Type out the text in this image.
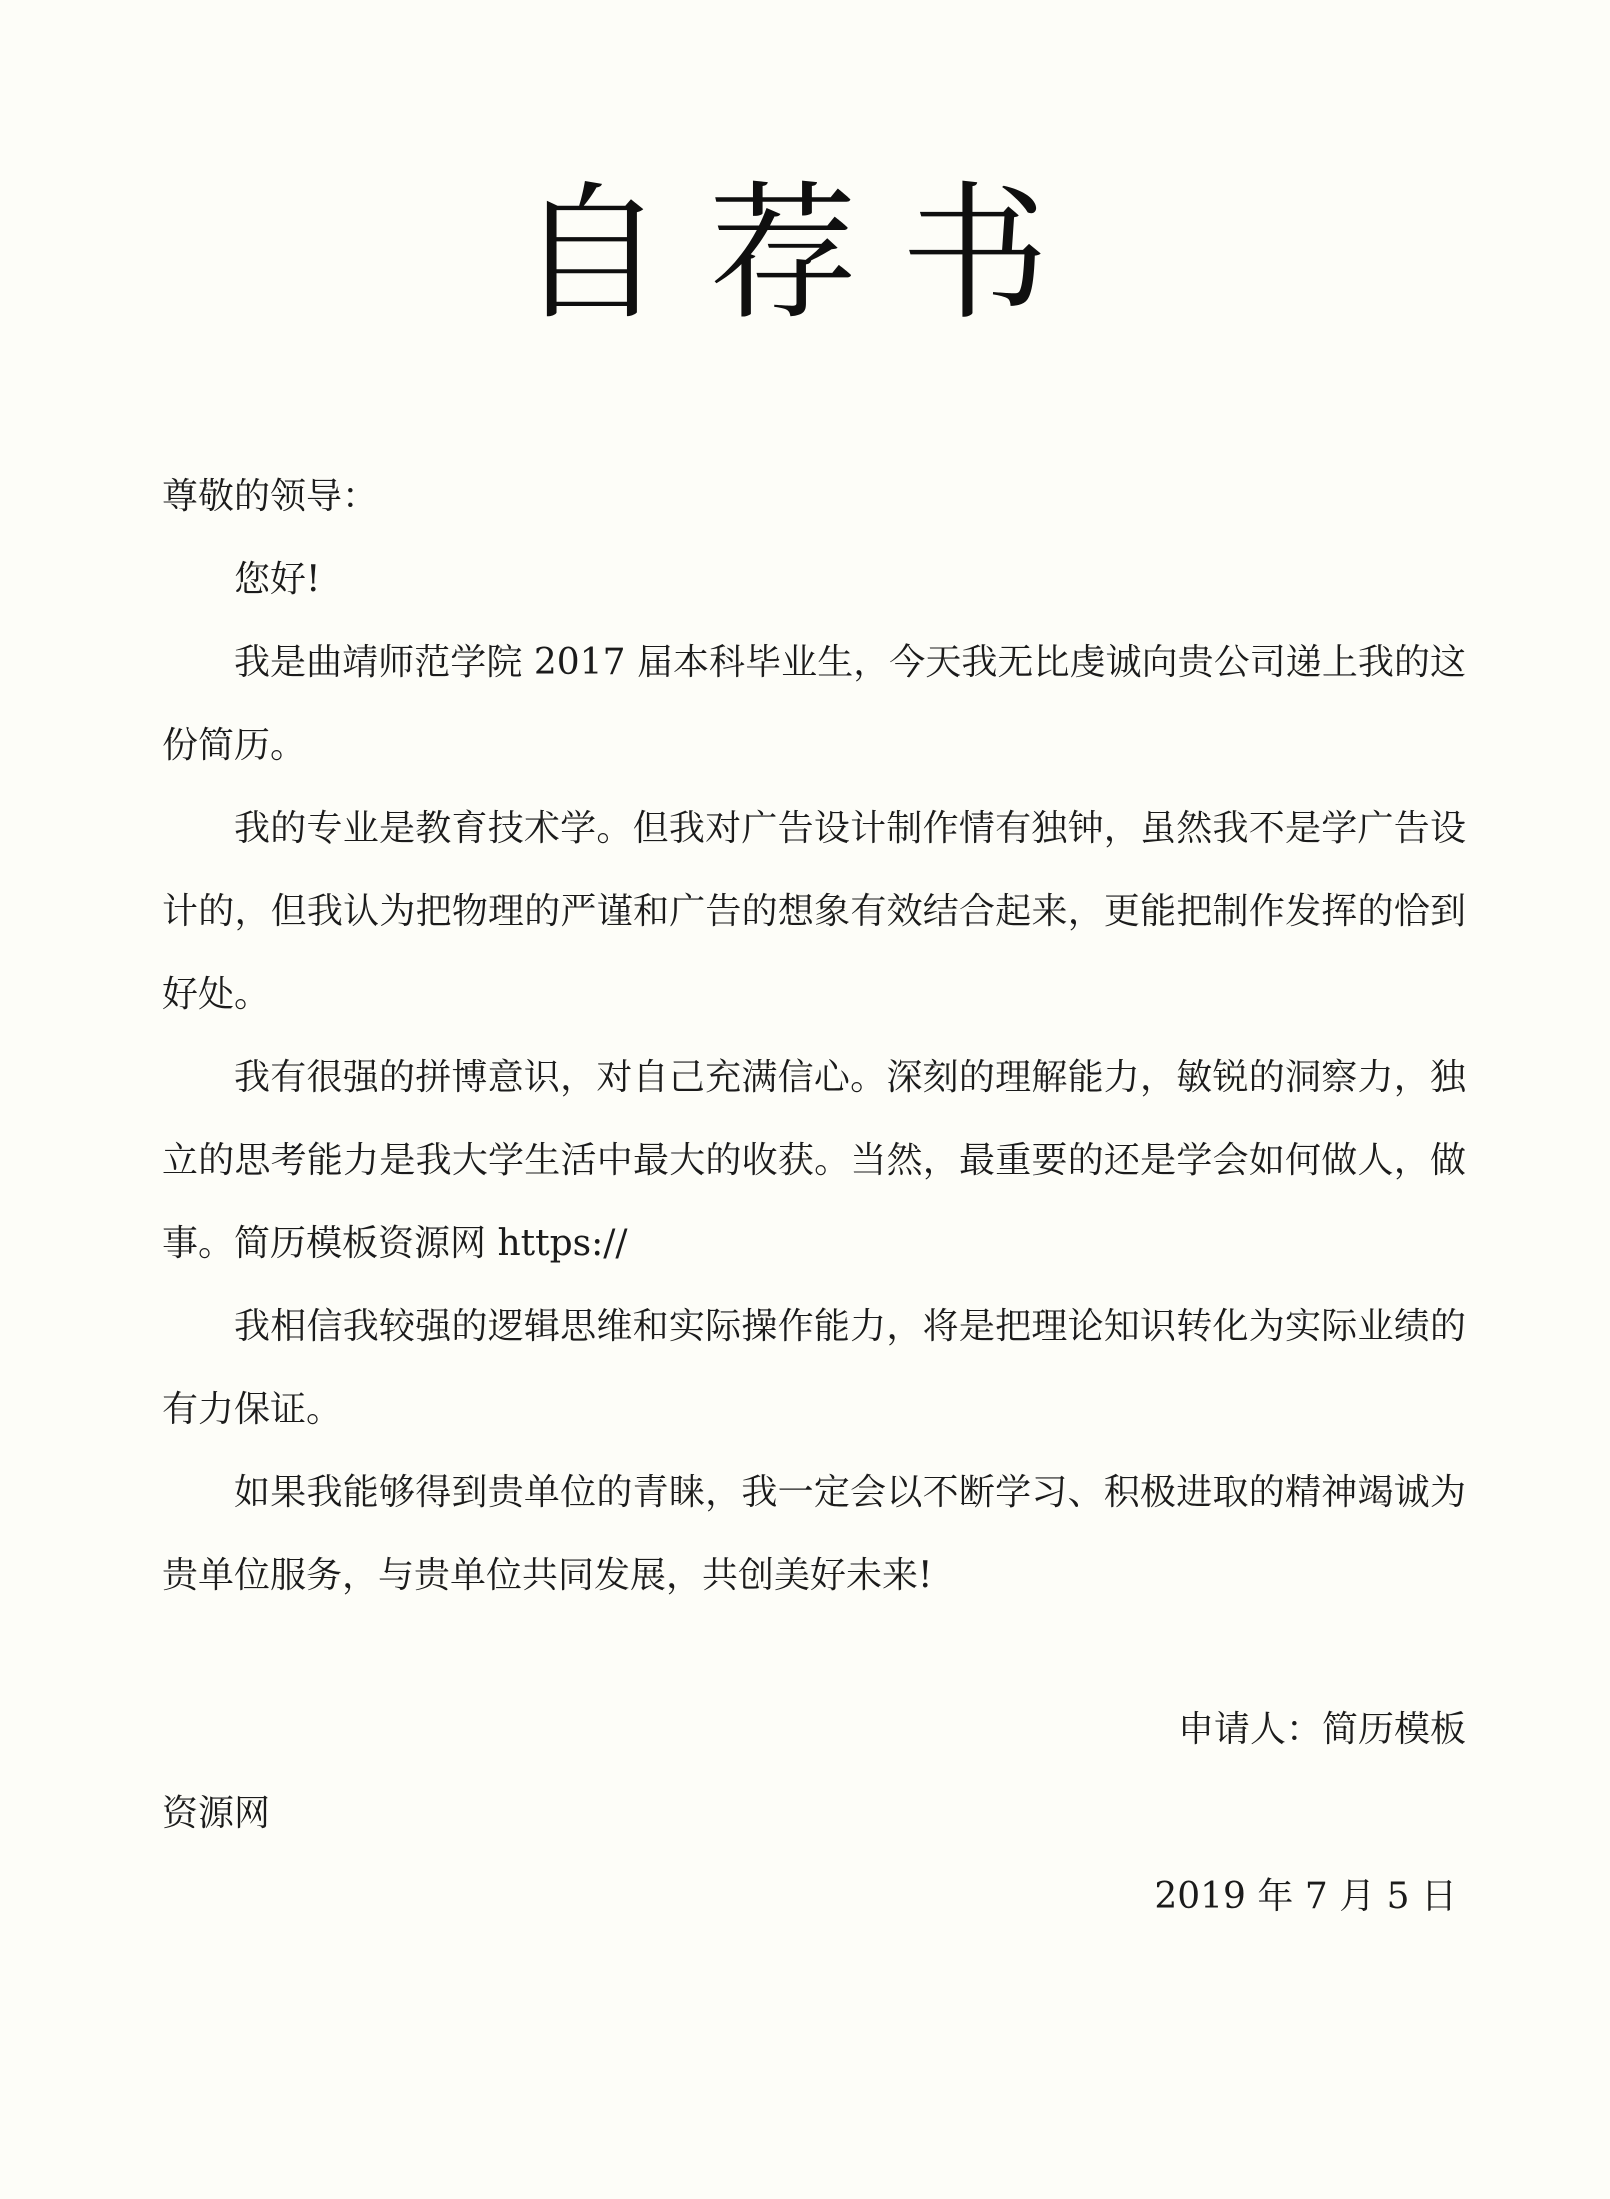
自荐书

尊敬的领导：

您好!

我是曲靖师范学院 2017 届本科毕业生，今天我无比虔诚向贵公司递上我的这份简历。

我的专业是教育技术学。但我对广告设计制作情有独钟，虽然我不是学广告设计的，但我认为把物理的严谨和广告的想象有效结合起来，更能把制作发挥的恰到好处。

我有很强的拼博意识，对自己充满信心。深刻的理解能力，敏锐的洞察力，独立的思考能力是我大学生活中最大的收获。当然，最重要的还是学会如何做人，做事。简历模板资源网 https://

我相信我较强的逻辑思维和实际操作能力，将是把理论知识转化为实际业绩的有力保证。

如果我能够得到贵单位的青睐，我一定会以不断学习、积极进取的精神竭诚为贵单位服务，与贵单位共同发展，共创美好未来!

申请人：简历模板
资源网
2019 年 7 月 5 日
